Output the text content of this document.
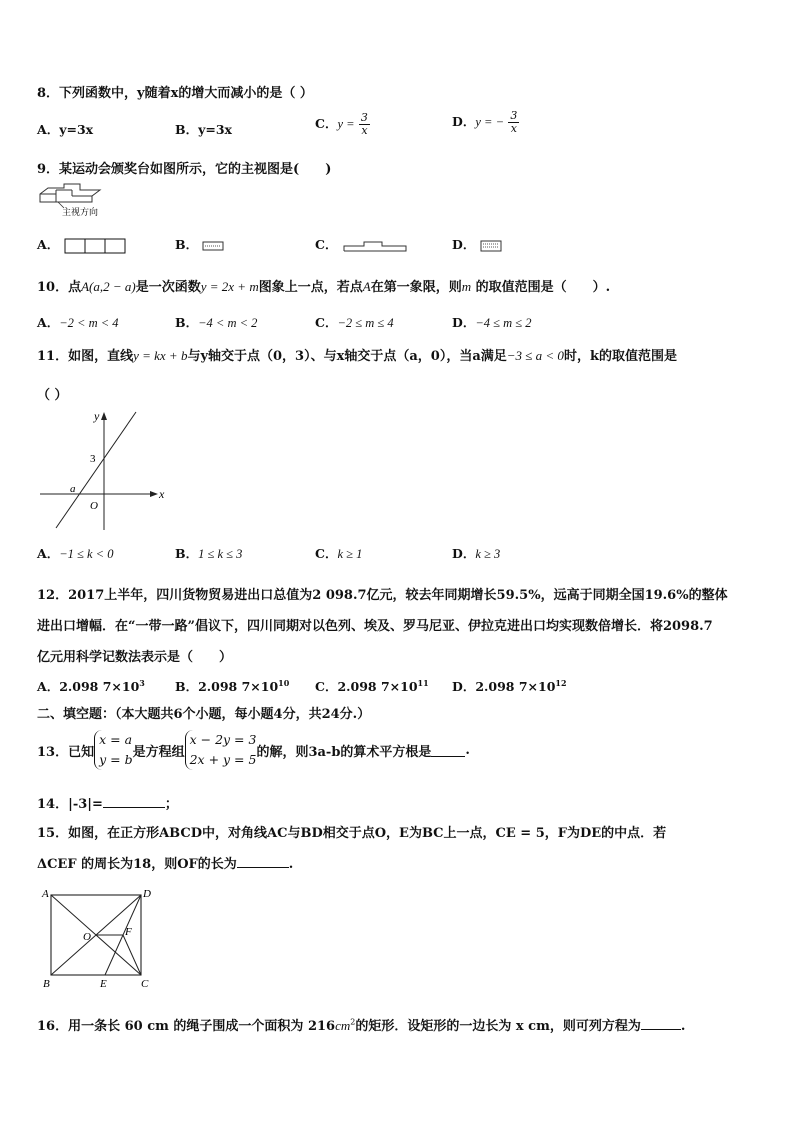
8．下列函数中，y随着x的增大而减小的是（ ）
A．y=3x	B．y=3x	C．$y = \frac{3}{x}$	D．y = − $\frac{3}{x}$
9．某运动会颁奖台如图所示，它的主视图是(　　)
主视方向
A．	B．	C．	D．
10．点A(a,2 − a)是一次函数y = 2x + m图象上一点，若点A在第一象限，则m 的取值范围是（　　）.
A．−2 < m < 4	B．−4 < m < 2	C．−2 ≤ m ≤ 4	D．−4 ≤ m ≤ 2
11．如图，直线y = kx + b与y轴交于点（0，3）、与x轴交于点（a，0），当a满足−3 ≤ a < 0时，k的取值范围是
（ ）
y
x
3
a
O
A．−1 ≤ k < 0	B．1 ≤ k ≤ 3	C．k ≥ 1	D．k ≥ 3
12．2017上半年，四川货物贸易进出口总值为2 098.7亿元，较去年同期增长59.5%，远高于同期全国19.6%的整体
进出口增幅．在“一带一路”倡议下，四川同期对以色列、埃及、罗马尼亚、伊拉克进出口均实现数倍增长．将2098.7
亿元用科学记数法表示是（　　）
A．2.098 $7\times 10^3$ B．2.098 $7\times 10^{10}$ C．2.098 $7\times 10^{11}$ D．2.098 $7\times 10^{12}$
二、填空题：（本大题共6个小题，每小题4分，共24分.）
13．已知
x = a
y = b 是方程组
x − 2y = 3
2x + y = 5 的解，则3a-b的算术平方根是	.
14．|-3|=	；
15．如图，在正方形ABCD中，对角线AC与BD相交于点O，E为BC上一点，CE = 5，F为DE的中点．若
ΔCEF 的周长为18，则OF的长为	.
A	D
O	F
B	E	C
16．用一条长 60 cm 的绳子围成一个面积为 $216cm^2$的矩形．设矩形的一边长为 x cm，则可列方程为	.
